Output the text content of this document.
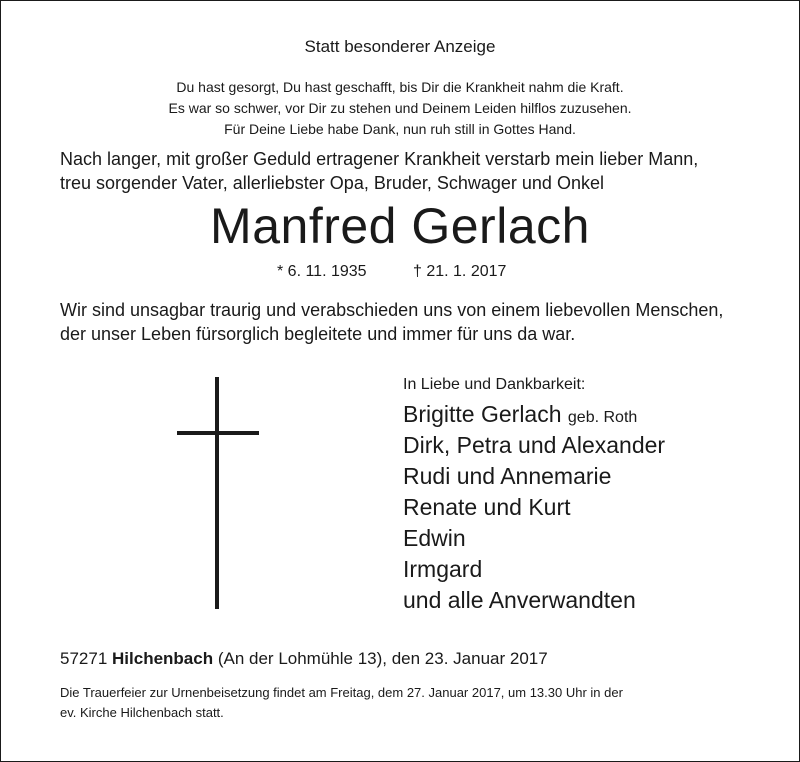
Statt besonderer Anzeige
Du hast gesorgt, Du hast geschafft, bis Dir die Krankheit nahm die Kraft.
Es war so schwer, vor Dir zu stehen und Deinem Leiden hilflos zuzusehen.
Für Deine Liebe habe Dank, nun ruh still in Gottes Hand.
Nach langer, mit großer Geduld ertragener Krankheit verstarb mein lieber Mann,
treu sorgender Vater, allerliebster Opa, Bruder, Schwager und Onkel
Manfred Gerlach
* 6. 11. 1935	† 21. 1. 2017
Wir sind unsagbar traurig und verabschieden uns von einem liebevollen Menschen,
der unser Leben fürsorglich begleitete und immer für uns da war.
In Liebe und Dankbarkeit:
Brigitte Gerlach geb. Roth
Dirk, Petra und Alexander
Rudi und Annemarie
Renate und Kurt
Edwin
Irmgard
und alle Anverwandten
57271 Hilchenbach (An der Lohmühle 13), den 23. Januar 2017
Die Trauerfeier zur Urnenbeisetzung findet am Freitag, dem 27. Januar 2017, um 13.30 Uhr in der
ev. Kirche Hilchenbach statt.
